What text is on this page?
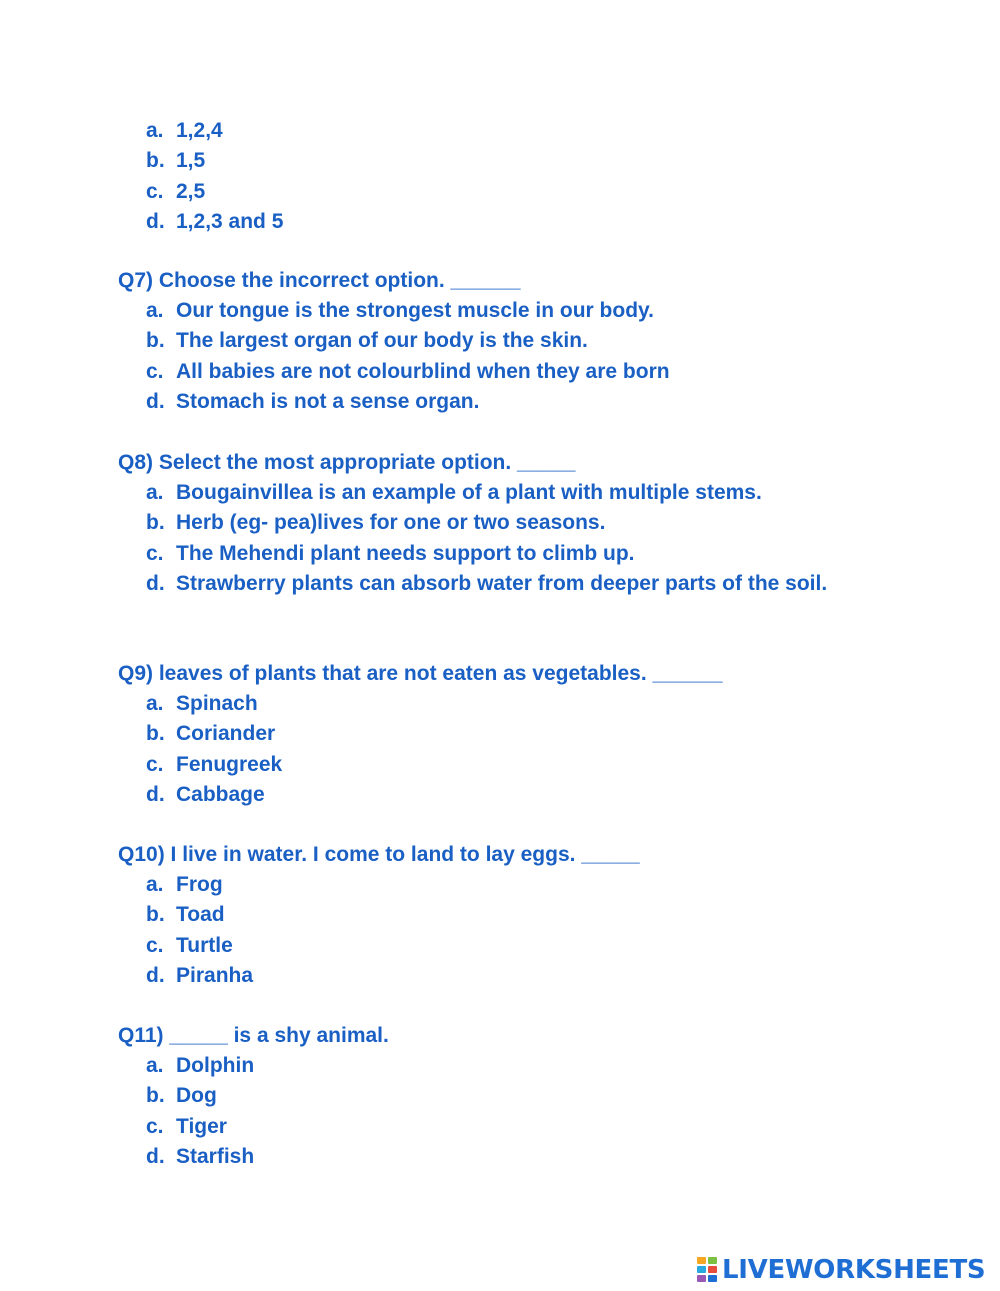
a. 1,2,4
b. 1,5
c. 2,5
d. 1,2,3 and 5
Q7) Choose the incorrect option. ______
a. Our tongue is the strongest muscle in our body.
b. The largest organ of our body is the skin.
c. All babies are not colourblind when they are born
d. Stomach is not a sense organ.
Q8) Select the most appropriate option. _____
a. Bougainvillea is an example of a plant with multiple stems.
b. Herb (eg- pea)lives for one or two seasons.
c. The Mehendi plant needs support to climb up.
d. Strawberry plants can absorb water from deeper parts of the soil.
Q9) leaves of plants that are not eaten as vegetables. ______
a. Spinach
b. Coriander
c. Fenugreek
d. Cabbage
Q10) I live in water. I come to land to lay eggs. _____
a. Frog
b. Toad
c. Turtle
d. Piranha
Q11) _____ is a shy animal.
a. Dolphin
b. Dog
c. Tiger
d. Starfish
LIVEWORKSHEETS
